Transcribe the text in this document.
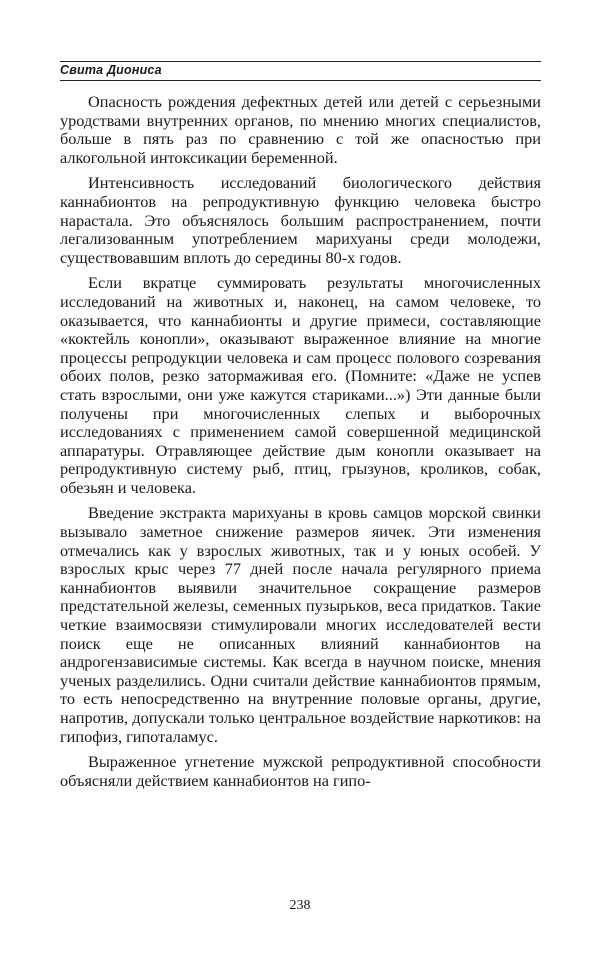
Свита Диониса

Опасность рождения дефектных детей или детей с серьезными уродствами внутренних органов, по мнению многих специалистов, больше в пять раз по сравнению с той же опасностью при алкогольной интоксикации беременной.

Интенсивность исследований биологического действия каннабионтов на репродуктивную функцию человека быстро нарастала. Это объяснялось большим распространением, почти легализованным употреблением марихуаны среди молодежи, существовавшим вплоть до середины 80-х годов.

Если вкратце суммировать результаты многочисленных исследований на животных и, наконец, на самом человеке, то оказывается, что каннабионты и другие примеси, составляющие «коктейль конопли», оказывают выраженное влияние на многие процессы репродукции человека и сам процесс полового созревания обоих полов, резко затормаживая его. (Помните: «Даже не успев стать взрослыми, они уже кажутся стариками...») Эти данные были получены при многочисленных слепых и выборочных исследованиях с применением самой совершенной медицинской аппаратуры. Отравляющее действие дым конопли оказывает на репродуктивную систему рыб, птиц, грызунов, кроликов, собак, обезьян и человека.

Введение экстракта марихуаны в кровь самцов морской свинки вызывало заметное снижение размеров яичек. Эти изменения отмечались как у взрослых животных, так и у юных особей. У взрослых крыс через 77 дней после начала регулярного приема каннабионтов выявили значительное сокращение размеров предстательной железы, семенных пузырьков, веса придатков. Такие четкие взаимосвязи стимулировали многих исследователей вести поиск еще не описанных влияний каннабионтов на андрогензависимые системы. Как всегда в научном поиске, мнения ученых разделились. Одни считали действие каннабионтов прямым, то есть непосредственно на внутренние половые органы, другие, напротив, допускали только центральное воздействие наркотиков: на гипофиз, гипоталамус.

Выраженное угнетение мужской репродуктивной способности объясняли действием каннабионтов на гипо-

238
